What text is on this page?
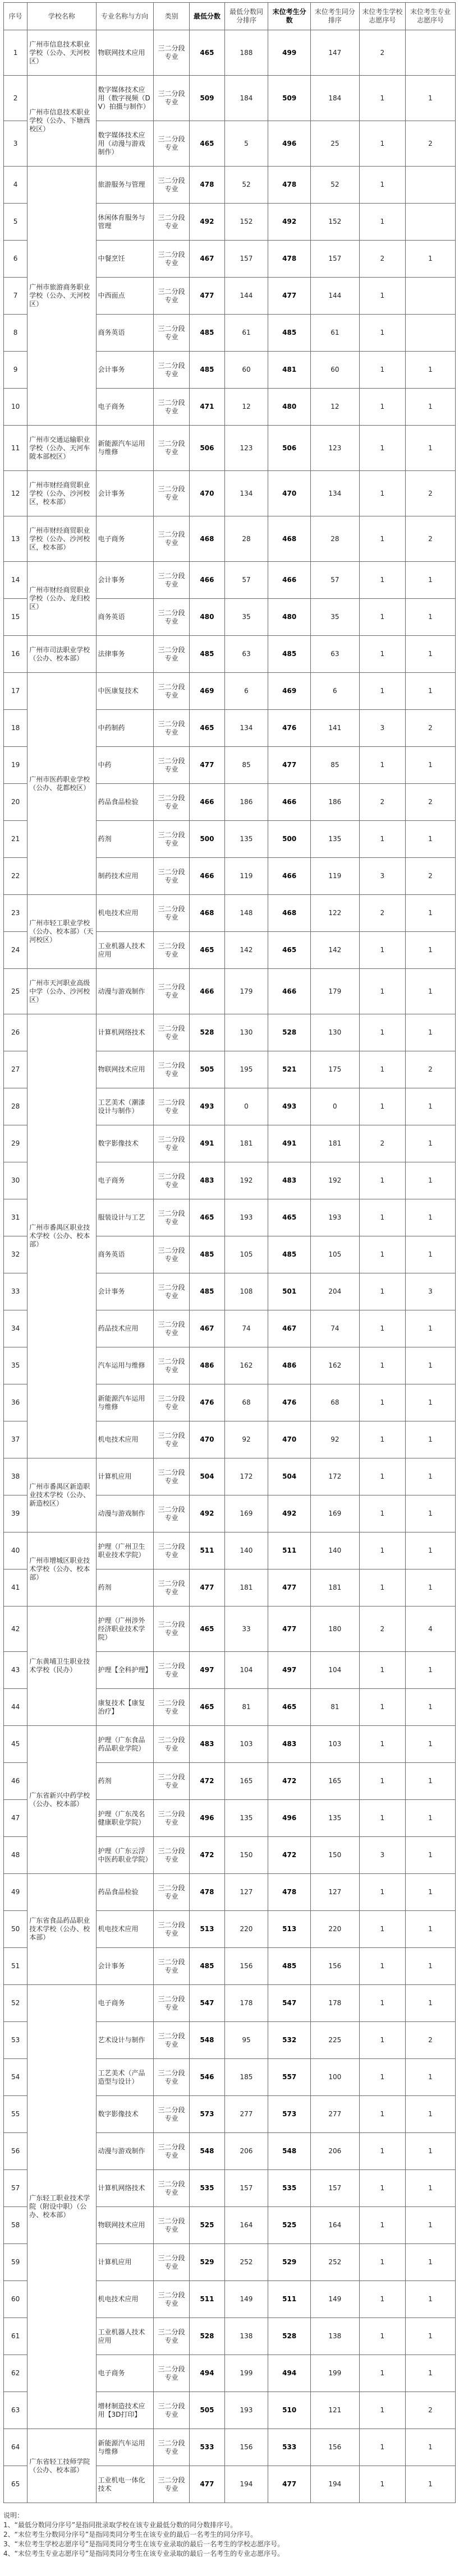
序号	学校名称	专业名称与方向	类别	最低分数	最低分数同分排序	末位考生分数	末位考生同分排序	末位考生学校志愿序号	末位考生专业志愿序号
1	广州市信息技术职业学校（公办、天河校区）	物联网技术应用	三二分段专业	465	188	499	147	2	
2	广州市信息技术职业学校（公办、下塘西校区）	数字媒体技术应用（数字视频（DV）拍摄与制作）	三二分段专业	509	184	509	184	1	1
3		数字媒体技术应用（动漫与游戏制作）	三二分段专业	465	5	496	25	1	2
4	广州市旅游商务职业学校（公办、天河校区）	旅游服务与管理	三二分段专业	478	52	478	52	1	
5		休闲体育服务与管理	三二分段专业	492	152	492	152	1	
6		中餐烹饪	三二分段专业	467	157	478	157	2	1
7		中西面点	三二分段专业	477	144	477	144	1	
8		商务英语	三二分段专业	485	61	485	61	1	
9		会计事务	三二分段专业	485	60	481	60	1	1
10		电子商务	三二分段专业	471	12	480	12	1	1
11	广州市交通运输职业学校（公办、天河车陂本部校区）	新能源汽车运用与维修	三二分段专业	506	123	506	123	1	1
12	广州市财经商贸职业学校（公办、沙河校区，校本部）	会计事务	三二分段专业	470	134	470	134	1	2
13	广州市财经商贸职业学校（公办、沙河校区，校本部）	电子商务	三二分段专业	468	28	468	28	1	2
14	广州市财经商贸职业学校（公办、龙归校区）	会计事务	三二分段专业	466	57	466	57	1	1
15		商务英语	三二分段专业	480	35	480	35	1	1
16	广州市司法职业学校（公办、校本部）	法律事务	三二分段专业	485	63	485	63	1	1
17	广州市医药职业学校（公办、花都校区）	中医康复技术	三二分段专业	469	6	469	6	1	1
18		中药制药	三二分段专业	465	134	476	141	3	2
19		中药	三二分段专业	477	85	477	85	1	1
20		药品食品检验	三二分段专业	466	186	466	186	2	2
21		药剂	三二分段专业	500	135	500	135	1	1
22		制药技术应用	三二分段专业	466	119	466	119	3	2
23	广州市轻工职业学校（公办、校本部）（天河校区）	机电技术应用	三二分段专业	468	148	468	122	2	1
24		工业机器人技术应用	三二分段专业	465	142	465	142	1	1
25	广州市天河职业高级中学（公办、沙河校区）	动漫与游戏制作	三二分段专业	466	179	466	179	1	1
26	广州市番禺区职业技术学校（公办、校本部）	计算机网络技术	三二分段专业	528	130	528	130	1	1
27		物联网技术应用	三二分段专业	505	195	521	175	1	2
28		工艺美术（潮漆设计与制作）	三二分段专业	493	0	493	0	1	1
29		数字影像技术	三二分段专业	491	181	491	181	2	1
30		电子商务	三二分段专业	483	192	483	192	1	1
31		服装设计与工艺	三二分段专业	465	193	465	193	1	1
32		商务英语	三二分段专业	485	105	485	105	1	1
33		会计事务	三二分段专业	485	108	501	204	1	3
34		药品技术应用	三二分段专业	467	74	467	74	1	1
35		汽车运用与维修	三二分段专业	486	162	486	162	1	1
36		新能源汽车运用与维修	三二分段专业	476	68	476	68	1	1
37		机电技术应用	三二分段专业	470	92	470	92	1	1
38	广州市番禺区新造职业技术学校（公办、新造校区）	计算机应用	三二分段专业	504	172	504	172	1	1
39		动漫与游戏制作	三二分段专业	492	169	492	169	1	1
40	广州市增城区职业技术学校（公办、校本部）	护理（广州卫生职业技术学院）	三二分段专业	511	140	511	140	1	1
41		药剂	三二分段专业	477	181	477	181	1	1
42	广东黄埔卫生职业技术学校（民办）	护理（广州涉外经济职业技术学院）	三二分段专业	465	33	477	180	2	4
43		护理【全科护理】	三二分段专业	497	104	497	104	1	1
44		康复技术【康复治疗】	三二分段专业	465	81	465	81	1	1
45	广东省新兴中药学校（公办、校本部）	护理（广东食品药品职业学院）	三二分段专业	483	103	483	103	1	1
46		药剂	三二分段专业	472	165	472	165	1	1
47		护理（广东茂名健康职业学院）	三二分段专业	496	135	496	135	1	1
48		护理（广东云浮中医药职业学院）	三二分段专业	472	150	472	150	3	1
49	广东省食品药品职业技术学校（公办、校本部）	药品食品检验	三二分段专业	478	127	478	127	1	1
50		机电技术应用	三二分段专业	513	220	513	220	1	1
51		会计事务	三二分段专业	485	156	485	156	1	1
52	广东轻工职业技术学院（附设中职）（公办、校本部）	电子商务	三二分段专业	547	178	547	178	1	1
53		艺术设计与制作	三二分段专业	548	95	532	225	1	2
54		工艺美术（产品造型与设计）	三二分段专业	546	185	557	100	1	1
55		数字影像技术	三二分段专业	573	277	573	277	1	1
56		动漫与游戏制作	三二分段专业	548	206	548	206	1	1
57		计算机网络技术	三二分段专业	535	157	535	157	1	1
58		物联网技术应用	三二分段专业	525	164	525	164	1	1
59		计算机应用	三二分段专业	529	252	529	252	1	1
60		机电技术应用	三二分段专业	511	149	511	149	1	1
61		工业机器人技术应用	三二分段专业	528	138	528	138	1	1
62		电子商务	三二分段专业	494	199	494	199	1	1
63		增材制造技术应用【3D打印】	三二分段专业	505	193	510	121	1	2
64	广东省轻工技师学院（公办、校本部）	新能源汽车运用与维修	三二分段专业	533	156	533	156	1	1
65		工业机电一体化技术	三二分段专业	477	194	477	194	1	1
说明：
1、“最低分数同分序号”是指同批录取学校在该专业最低分数的同分数排序号。
2、“末位考生分数同分序号”是指同类同分考生在该专业的最后一名考生的同分序号。
3、“末位考生学校志愿序号”是指同类同分考生在该专业录取的最后一名考生的学校志愿序号。
4、“末位考生专业志愿序号”是指同类同分考生在该专业录取的最后一名考生的专业志愿序号。
